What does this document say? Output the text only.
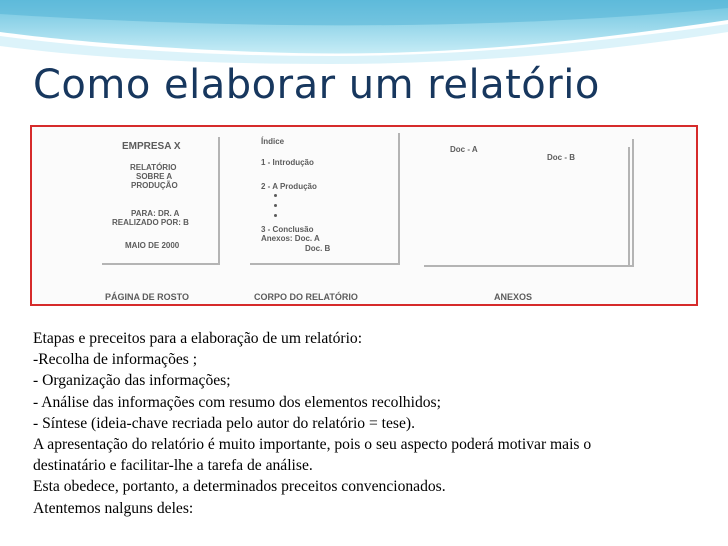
Como elaborar um relatório
EMPRESA X
RELATÓRIO
SOBRE A
PRODUÇÃO
PARA: DR. A
REALIZADO POR: B
MAIO DE 2000
PÁGINA DE ROSTO
Índice
1 - Introdução
2 - A Produção
3 - Conclusão
Anexos: Doc. A
Doc. B
CORPO DO RELATÓRIO
Doc - A
Doc - B
ANEXOS
Etapas e preceitos para a elaboração de um relatório:
-Recolha de informações ;
- Organização das informações;
- Análise das informações com resumo dos elementos recolhidos;
- Síntese (ideia-chave recriada pelo autor do relatório = tese).
A apresentação do relatório é muito importante, pois o seu aspecto poderá motivar mais o
destinatário e facilitar-lhe a tarefa de análise.
Esta obedece, portanto, a determinados preceitos convencionados.
Atentemos nalguns deles:
